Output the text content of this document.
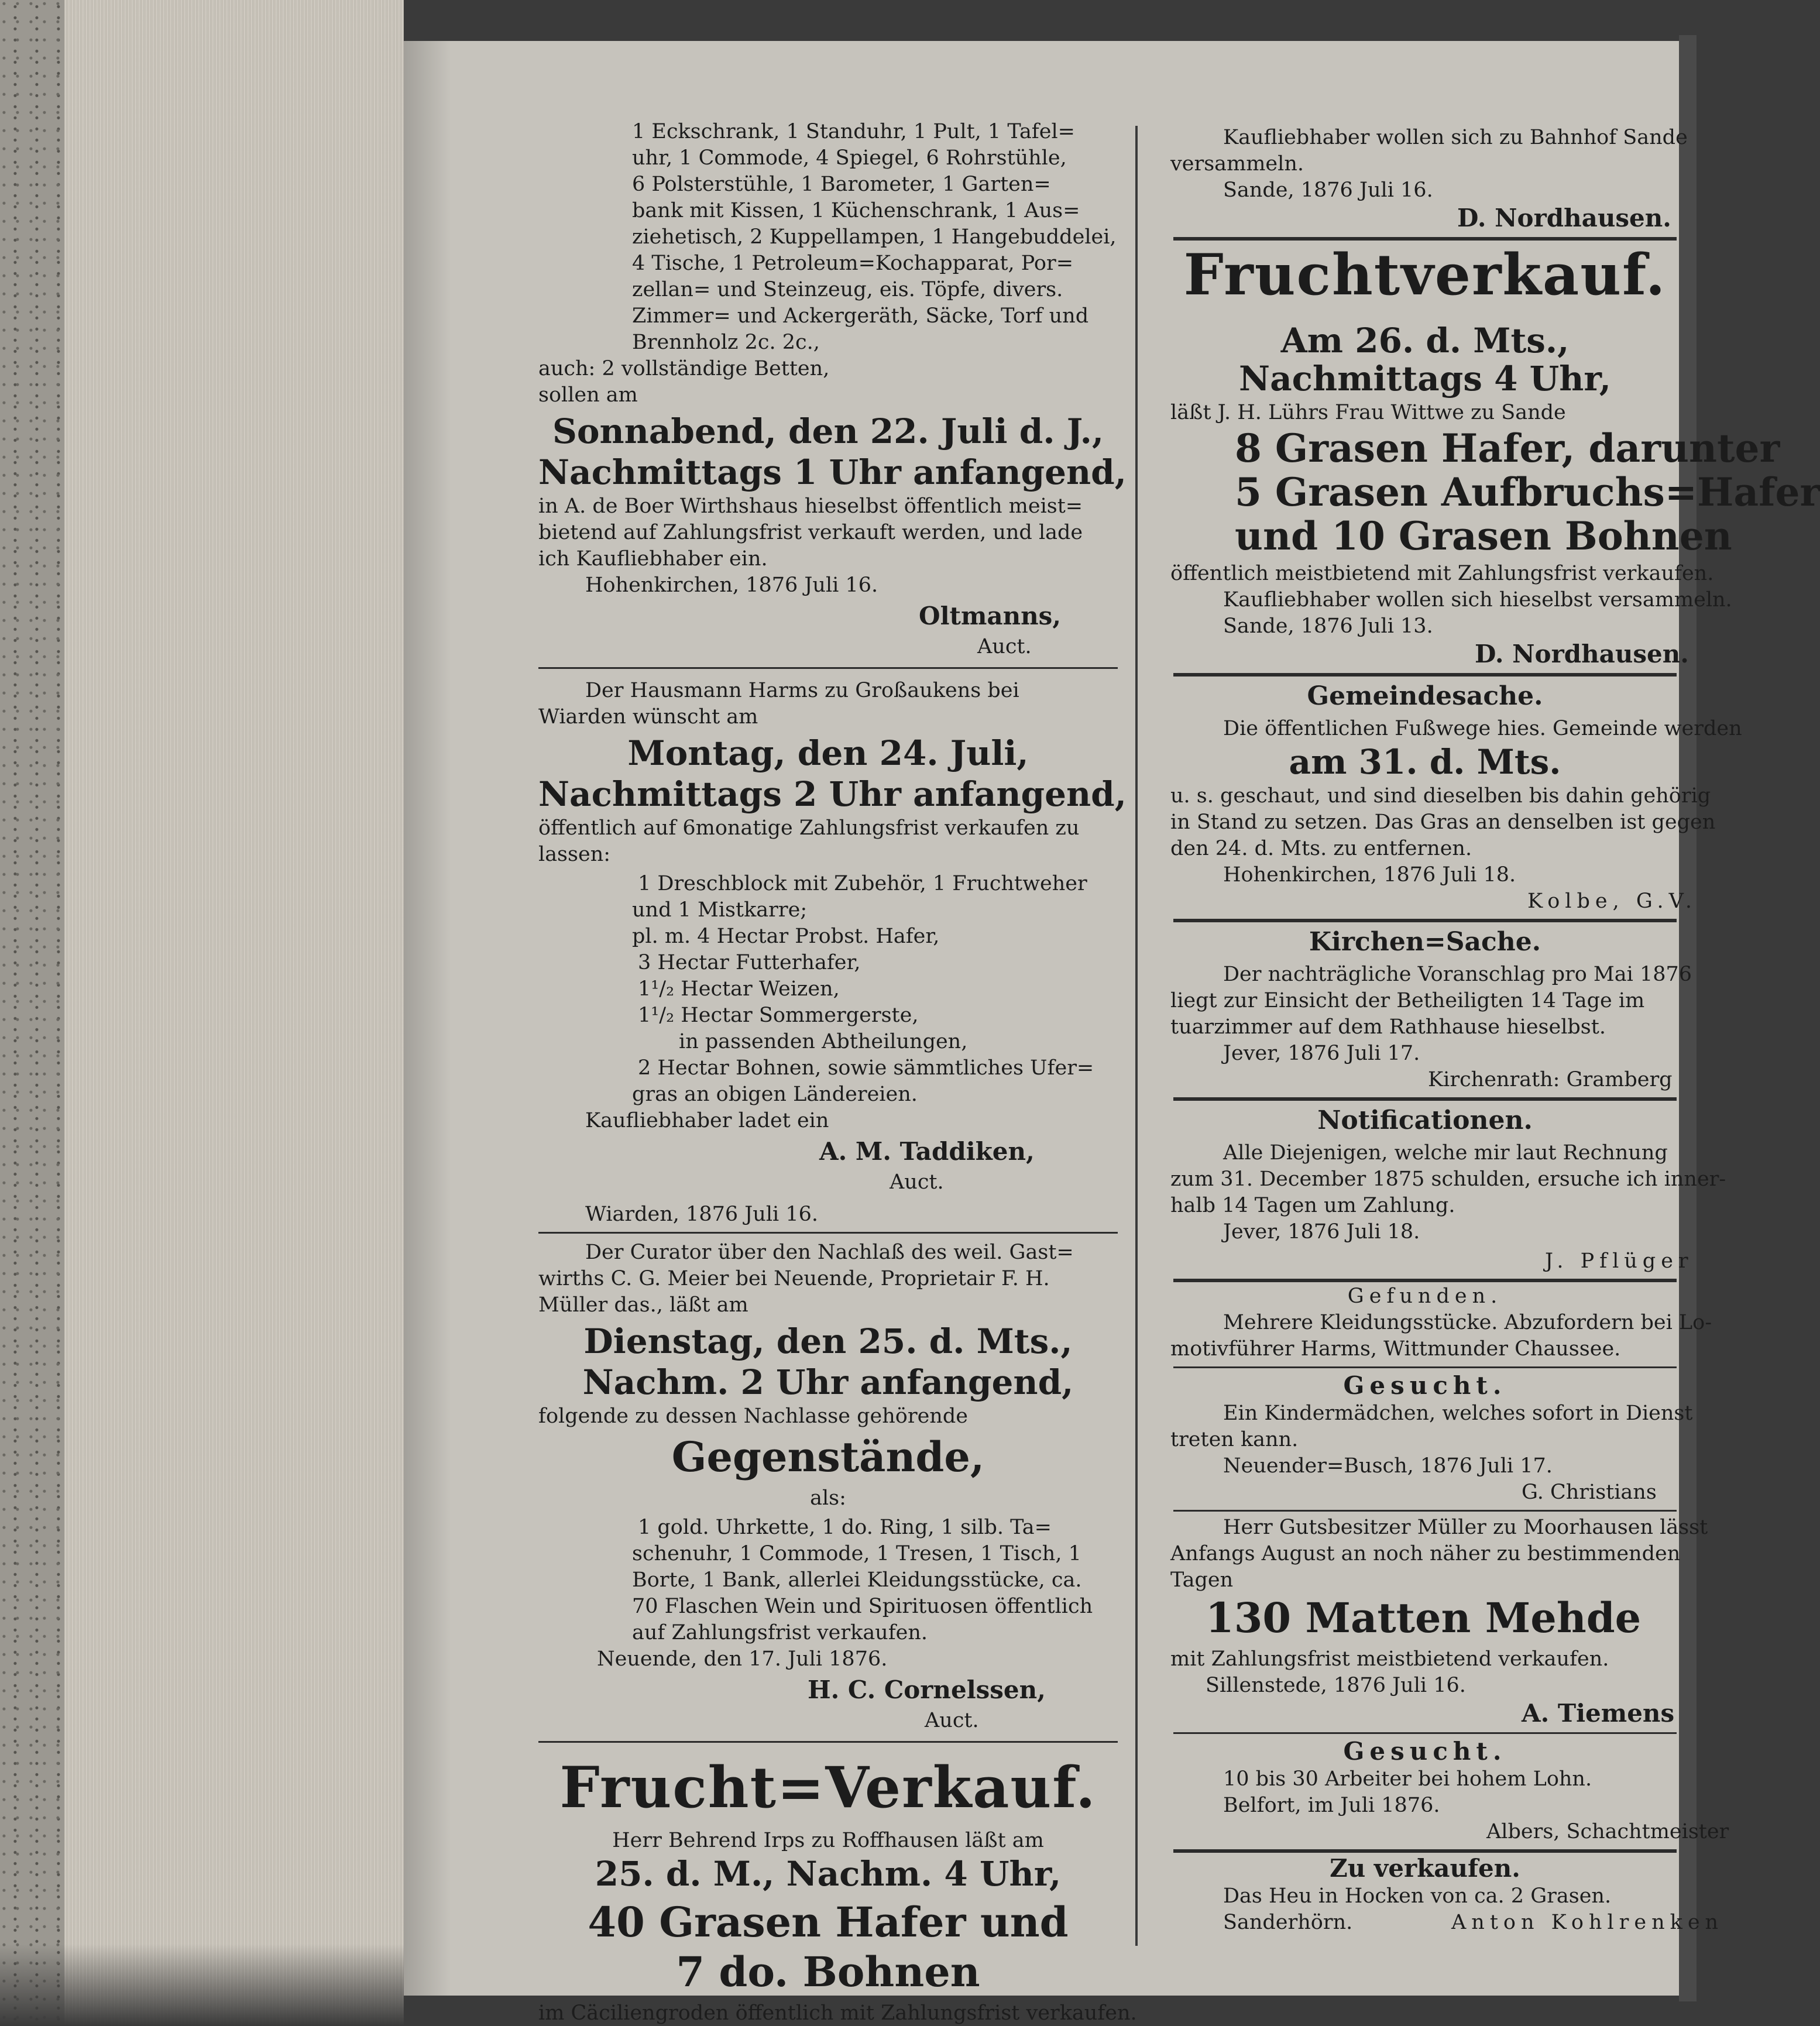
1 Eckschrank, 1 Standuhr, 1 Pult, 1 Tafel=
uhr, 1 Commode, 4 Spiegel, 6 Rohrstühle,
6 Polsterstühle, 1 Barometer, 1 Garten=
bank mit Kissen, 1 Küchenschrank, 1 Aus=
ziehetisch, 2 Kuppellampen, 1 Hangebuddelei,
4 Tische, 1 Petroleum=Kochapparat, Por=
zellan= und Steinzeug, eis. Töpfe, divers.
Zimmer= und Ackergeräth, Säcke, Torf und
Brennholz 2c. 2c.,
auch: 2 vollständige Betten,
sollen am
Sonnabend, den 22. Juli d. J.,
Nachmittags 1 Uhr anfangend,
in A. de Boer Wirthshaus hieselbst öffentlich meist=
bietend auf Zahlungsfrist verkauft werden, und lade
ich Kaufliebhaber ein.
Hohenkirchen, 1876 Juli 16.
Oltmanns,
Auct.
Der Hausmann Harms zu Großaukens bei
Wiarden wünscht am
Montag, den 24. Juli,
Nachmittags 2 Uhr anfangend,
öffentlich auf 6monatige Zahlungsfrist verkaufen zu
lassen:
1 Dreschblock mit Zubehör, 1 Fruchtweher
und 1 Mistkarre;
pl. m. 4 Hectar Probst. Hafer,
3 Hectar Futterhafer,
1¹/₂ Hectar Weizen,
1¹/₂ Hectar Sommergerste,
in passenden Abtheilungen,
2 Hectar Bohnen, sowie sämmtliches Ufer=
gras an obigen Ländereien.
Kaufliebhaber ladet ein
A. M. Taddiken,
Auct.
Wiarden, 1876 Juli 16.
Der Curator über den Nachlaß des weil. Gast=
wirths C. G. Meier bei Neuende, Proprietair F. H.
Müller das., läßt am
Dienstag, den 25. d. Mts.,
Nachm. 2 Uhr anfangend,
folgende zu dessen Nachlasse gehörende
Gegenstände,
als:
1 gold. Uhrkette, 1 do. Ring, 1 silb. Ta=
schenuhr, 1 Commode, 1 Tresen, 1 Tisch, 1
Borte, 1 Bank, allerlei Kleidungsstücke, ca.
70 Flaschen Wein und Spirituosen öffentlich
auf Zahlungsfrist verkaufen.
Neuende, den 17. Juli 1876.
H. C. Cornelssen,
Auct.
Frucht=Verkauf.
Herr Behrend Irps zu Roffhausen läßt am
25. d. M., Nachm. 4 Uhr,
40 Grasen Hafer und
7 do. Bohnen
im Cäciliengroden öffentlich mit Zahlungsfrist verkaufen.
Kaufliebhaber wollen sich zu Bahnhof Sande
versammeln.
Sande, 1876 Juli 16.
D. Nordhausen.
Fruchtverkauf.
Am 26. d. Mts.,
Nachmittags 4 Uhr,
läßt J. H. Lührs Frau Wittwe zu Sande
8 Grasen Hafer, darunter
5 Grasen Aufbruchs=Hafer
und 10 Grasen Bohnen
öffentlich meistbietend mit Zahlungsfrist verkaufen.
Kaufliebhaber wollen sich hieselbst versammeln.
Sande, 1876 Juli 13.
D. Nordhausen.
Gemeindesache.
Die öffentlichen Fußwege hies. Gemeinde werden
am 31. d. Mts.
u. s. geschaut, und sind dieselben bis dahin gehörig
in Stand zu setzen. Das Gras an denselben ist gegen
den 24. d. Mts. zu entfernen.
Hohenkirchen, 1876 Juli 18.
Kolbe, G.V.
Kirchen=Sache.
Der nachträgliche Voranschlag pro Mai 1876
liegt zur Einsicht der Betheiligten 14 Tage im
tuarzimmer auf dem Rathhause hieselbst.
Jever, 1876 Juli 17.
Kirchenrath: Gramberg
Notificationen.
Alle Diejenigen, welche mir laut Rechnung
zum 31. December 1875 schulden, ersuche ich inner-
halb 14 Tagen um Zahlung.
Jever, 1876 Juli 18.
J. Pflüger
Gefunden.
Mehrere Kleidungsstücke. Abzufordern bei Lo-
motivführer Harms, Wittmunder Chaussee.
Gesucht.
Ein Kindermädchen, welches sofort in Dienst
treten kann.
Neuender=Busch, 1876 Juli 17.
G. Christians
Herr Gutsbesitzer Müller zu Moorhausen lässt
Anfangs August an noch näher zu bestimmenden
Tagen
130 Matten Mehde
mit Zahlungsfrist meistbietend verkaufen.
Sillenstede, 1876 Juli 16.
A. Tiemens
Gesucht.
10 bis 30 Arbeiter bei hohem Lohn.
Belfort, im Juli 1876.
Albers, Schachtmeister
Zu verkaufen.
Das Heu in Hocken von ca. 2 Grasen.
Sanderhörn.	Anton Kohlrenken
